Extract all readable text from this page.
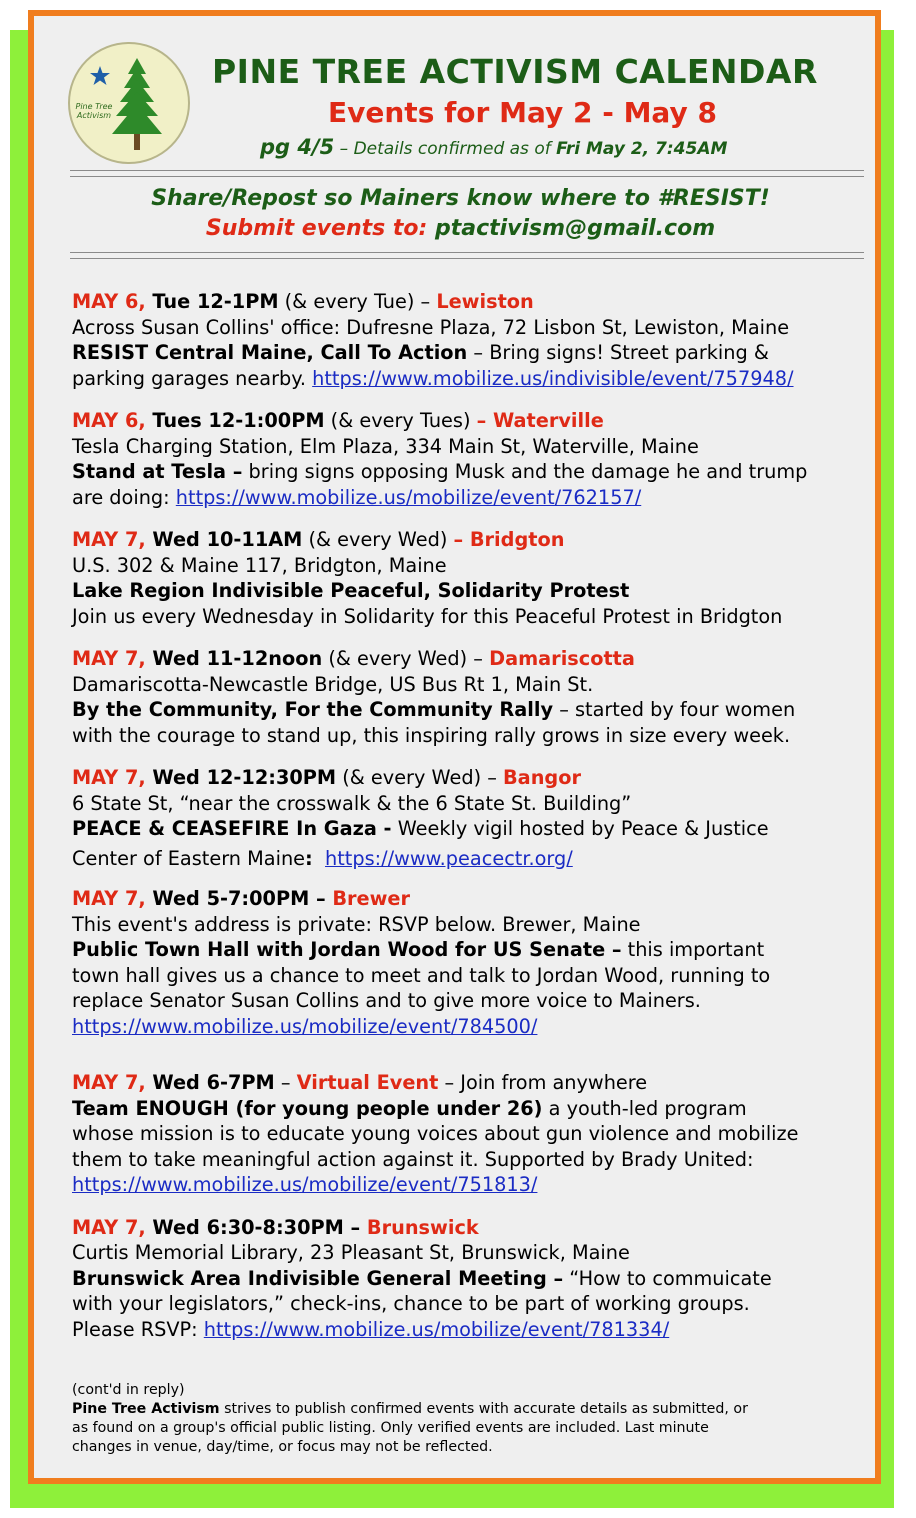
Pine Tree Activism
PINE TREE ACTIVISM CALENDAR
Events for May 2 - May 8
pg 4/5 – Details confirmed as of Fri May 2, 7:45AM
Share/Repost so Mainers know where to #RESIST!
Submit events to: ptactivism@gmail.com
MAY 6, Tue 12-1PM (& every Tue) – Lewiston
Across Susan Collins' office: Dufresne Plaza, 72 Lisbon St, Lewiston, Maine
RESIST Central Maine, Call To Action – Bring signs! Street parking &
parking garages nearby. https://www.mobilize.us/indivisible/event/757948/
MAY 6, Tues 12-1:00PM (& every Tues) – Waterville
Tesla Charging Station, Elm Plaza, 334 Main St, Waterville, Maine
Stand at Tesla – bring signs opposing Musk and the damage he and trump
are doing: https://www.mobilize.us/mobilize/event/762157/
MAY 7, Wed 10-11AM (& every Wed) – Bridgton
U.S. 302 & Maine 117, Bridgton, Maine
Lake Region Indivisible Peaceful, Solidarity Protest
Join us every Wednesday in Solidarity for this Peaceful Protest in Bridgton
MAY 7, Wed 11-12noon (& every Wed) – Damariscotta
Damariscotta-Newcastle Bridge, US Bus Rt 1, Main St.
By the Community, For the Community Rally – started by four women
with the courage to stand up, this inspiring rally grows in size every week.
MAY 7, Wed 12-12:30PM (& every Wed) – Bangor
6 State St, “near the crosswalk & the 6 State St. Building”
PEACE & CEASEFIRE In Gaza - Weekly vigil hosted by Peace & Justice
Center of Eastern Maine: https://www.peacectr.org/
MAY 7, Wed 5-7:00PM – Brewer
This event's address is private: RSVP below. Brewer, Maine
Public Town Hall with Jordan Wood for US Senate – this important
town hall gives us a chance to meet and talk to Jordan Wood, running to
replace Senator Susan Collins and to give more voice to Mainers.
https://www.mobilize.us/mobilize/event/784500/
MAY 7, Wed 6-7PM – Virtual Event – Join from anywhere
Team ENOUGH (for young people under 26) a youth-led program
whose mission is to educate young voices about gun violence and mobilize
them to take meaningful action against it. Supported by Brady United:
https://www.mobilize.us/mobilize/event/751813/
MAY 7, Wed 6:30-8:30PM – Brunswick
Curtis Memorial Library, 23 Pleasant St, Brunswick, Maine
Brunswick Area Indivisible General Meeting – “How to commuicate
with your legislators,” check-ins, chance to be part of working groups.
Please RSVP: https://www.mobilize.us/mobilize/event/781334/
(cont'd in reply)
Pine Tree Activism strives to publish confirmed events with accurate details as submitted, or
as found on a group's official public listing. Only verified events are included. Last minute
changes in venue, day/time, or focus may not be reflected.
